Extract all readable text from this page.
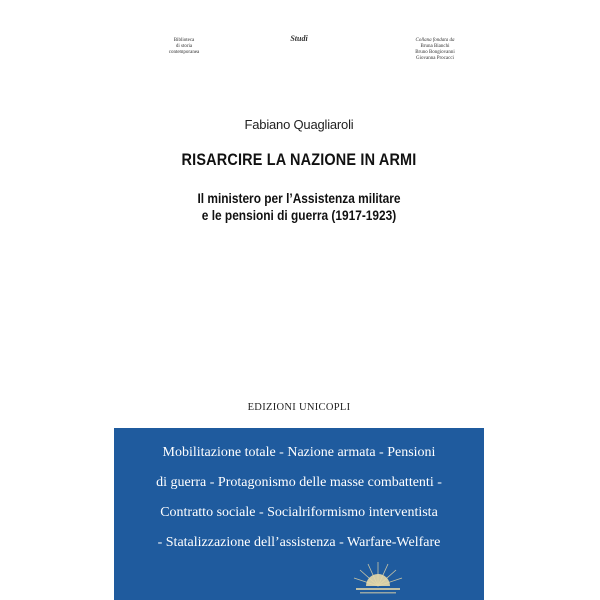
Biblioteca
di storia
contemporanea
Studi	Collana fondata da
Bruna Bianchi
Bruno Bongiovanni
Giovanna Procacci
Fabiano Quagliaroli
RISARCIRE LA NAZIONE IN ARMI
Il ministero per l’Assistenza militare
e le pensioni di guerra (1917-1923)
EDIZIONI UNICOPLI
Mobilitazione totale - Nazione armata - Pensioni
di guerra - Protagonismo delle masse combattenti -
Contratto sociale - Socialriformismo interventista
- Statalizzazione dell’assistenza - Warfare-Welfare
